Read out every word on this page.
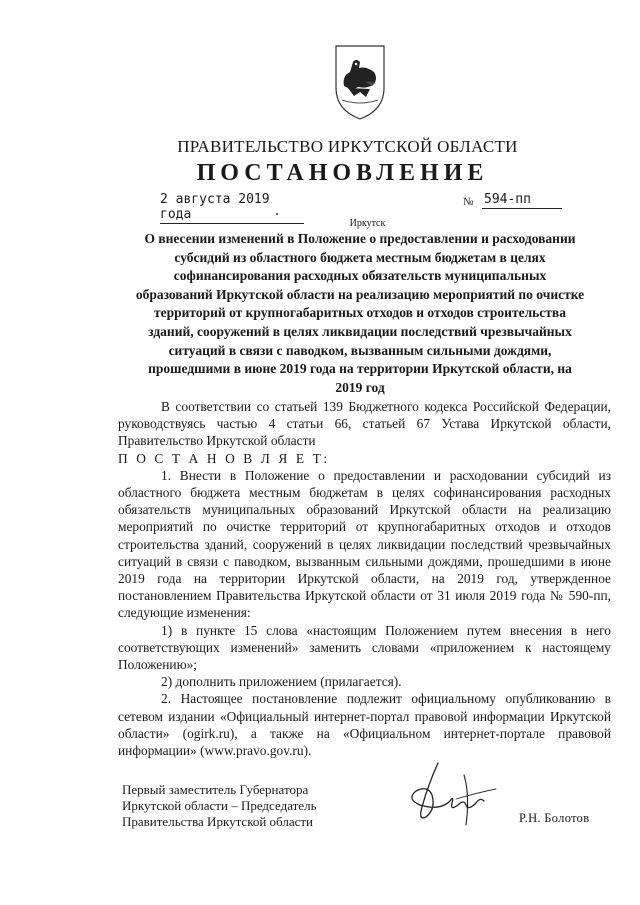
ПРАВИТЕЛЬСТВО ИРКУТСКОЙ ОБЛАСТИ
ПОСТАНОВЛЕНИЕ
2 августа 2019 года
№ 594-пп
Иркутск
О внесении изменений в Положение о предоставлении и расходовании
субсидий из областного бюджета местным бюджетам в целях
софинансирования расходных обязательств муниципальных
образований Иркутской области на реализацию мероприятий по очистке
территорий от крупногабаритных отходов и отходов строительства
зданий, сооружений в целях ликвидации последствий чрезвычайных
ситуаций в связи с паводком, вызванным сильными дождями,
прошедшими в июне 2019 года на территории Иркутской области, на
2019 год

В соответствии со статьей 139 Бюджетного кодекса Российской Федерации, руководствуясь частью 4 статьи 66, статьей 67 Устава Иркутской области, Правительство Иркутской области

П О С Т А Н О В Л Я Е Т:

1. Внести в Положение о предоставлении и расходовании субсидий из областного бюджета местным бюджетам в целях софинансирования расходных обязательств муниципальных образований Иркутской области на реализацию мероприятий по очистке территорий от крупногабаритных отходов и отходов строительства зданий, сооружений в целях ликвидации последствий чрезвычайных ситуаций в связи с паводком, вызванным сильными дождями, прошедшими в июне 2019 года на территории Иркутской области, на 2019 год, утвержденное постановлением Правительства Иркутской области от 31 июля 2019 года № 590-пп, следующие изменения:

1) в пункте 15 слова «настоящим Положением путем внесения в него соответствующих изменений» заменить словами «приложением к настоящему Положению»;

2) дополнить приложением (прилагается).

2. Настоящее постановление подлежит официальному опубликованию в сетевом издании «Официальный интернет-портал правовой информации Иркутской области» (ogirk.ru), а также на «Официальном интернет-портале правовой информации» (www.pravo.gov.ru).

Первый заместитель Губернатора
Иркутской области – Председатель
Правительства Иркутской области	Р.Н. Болотов
